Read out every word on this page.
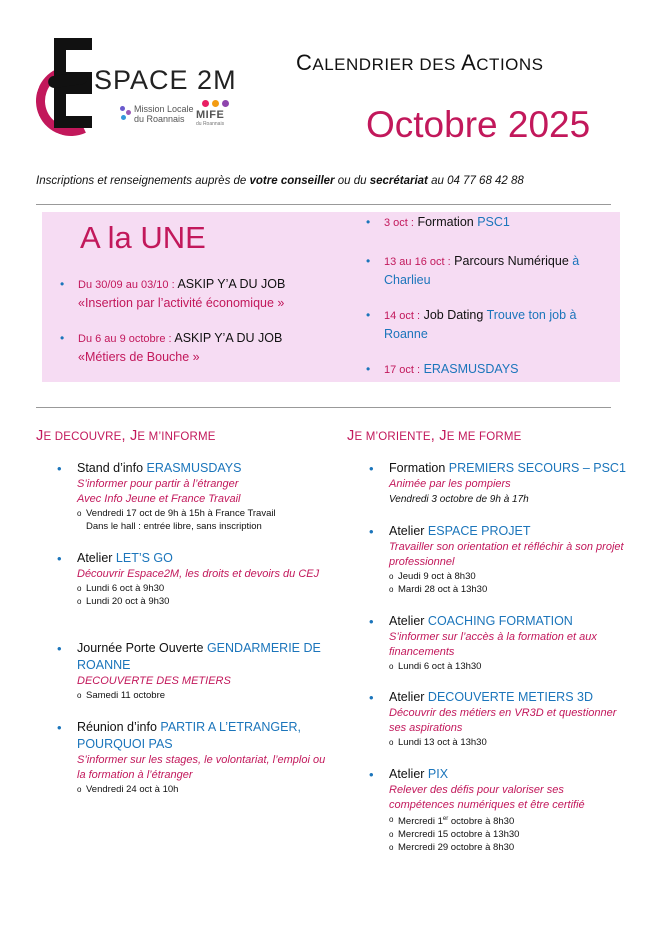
SPACE 2M
Mission Locale
du Roannais	MIFE
du Roannais
CALENDRIER DES ACTIONS
Octobre 2025
Inscriptions et renseignements auprès de votre conseiller ou du secrétariat au 04 77 68 42 88
A la UNE
• Du 30/09 au 03/10 : ASKIP Y’A DU JOB
«Insertion par l’activité économique »
• Du 6 au 9 octobre : ASKIP Y’A DU JOB
«Métiers de Bouche »
• 3 oct : Formation PSC1
• 13 au 16 oct : Parcours Numérique à Charlieu
• 14 oct : Job Dating Trouve ton job à Roanne
• 17 oct : ERASMUSDAYS
JE DECOUVRE, JE M’INFORME
• Stand d’info ERASMUSDAYS
S’informer pour partir à l’étranger
Avec Info Jeune et France Travail
o Vendredi 17 oct de 9h à 15h à France Travail
Dans le hall : entrée libre, sans inscription
• Atelier LET’S GO
Découvrir Espace2M, les droits et devoirs du CEJ
o Lundi 6 oct à 9h30
o Lundi 20 oct à 9h30
• Journée Porte Ouverte GENDARMERIE DE ROANNE
DECOUVERTE DES METIERS
o Samedi 11 octobre
• Réunion d’info PARTIR A L’ETRANGER, POURQUOI PAS
S’informer sur les stages, le volontariat, l’emploi ou la formation à l’étranger
o Vendredi 24 oct à 10h
JE M’ORIENTE, JE ME FORME
• Formation PREMIERS SECOURS – PSC1
Animée par les pompiers
Vendredi 3 octobre de 9h à 17h
• Atelier ESPACE PROJET
Travailler son orientation et réfléchir à son projet professionnel
o Jeudi 9 oct à 8h30
o Mardi 28 oct à 13h30
• Atelier COACHING FORMATION
S’informer sur l’accès à la formation et aux financements
o Lundi 6 oct à 13h30
• Atelier DECOUVERTE METIERS 3D
Découvrir des métiers en VR3D et questionner ses aspirations
o Lundi 13 oct à 13h30
• Atelier PIX
Relever des défis pour valoriser ses compétences numériques et être certifié
o Mercredi 1er octobre à 8h30
o Mercredi 15 octobre à 13h30
o Mercredi 29 octobre à 8h30
